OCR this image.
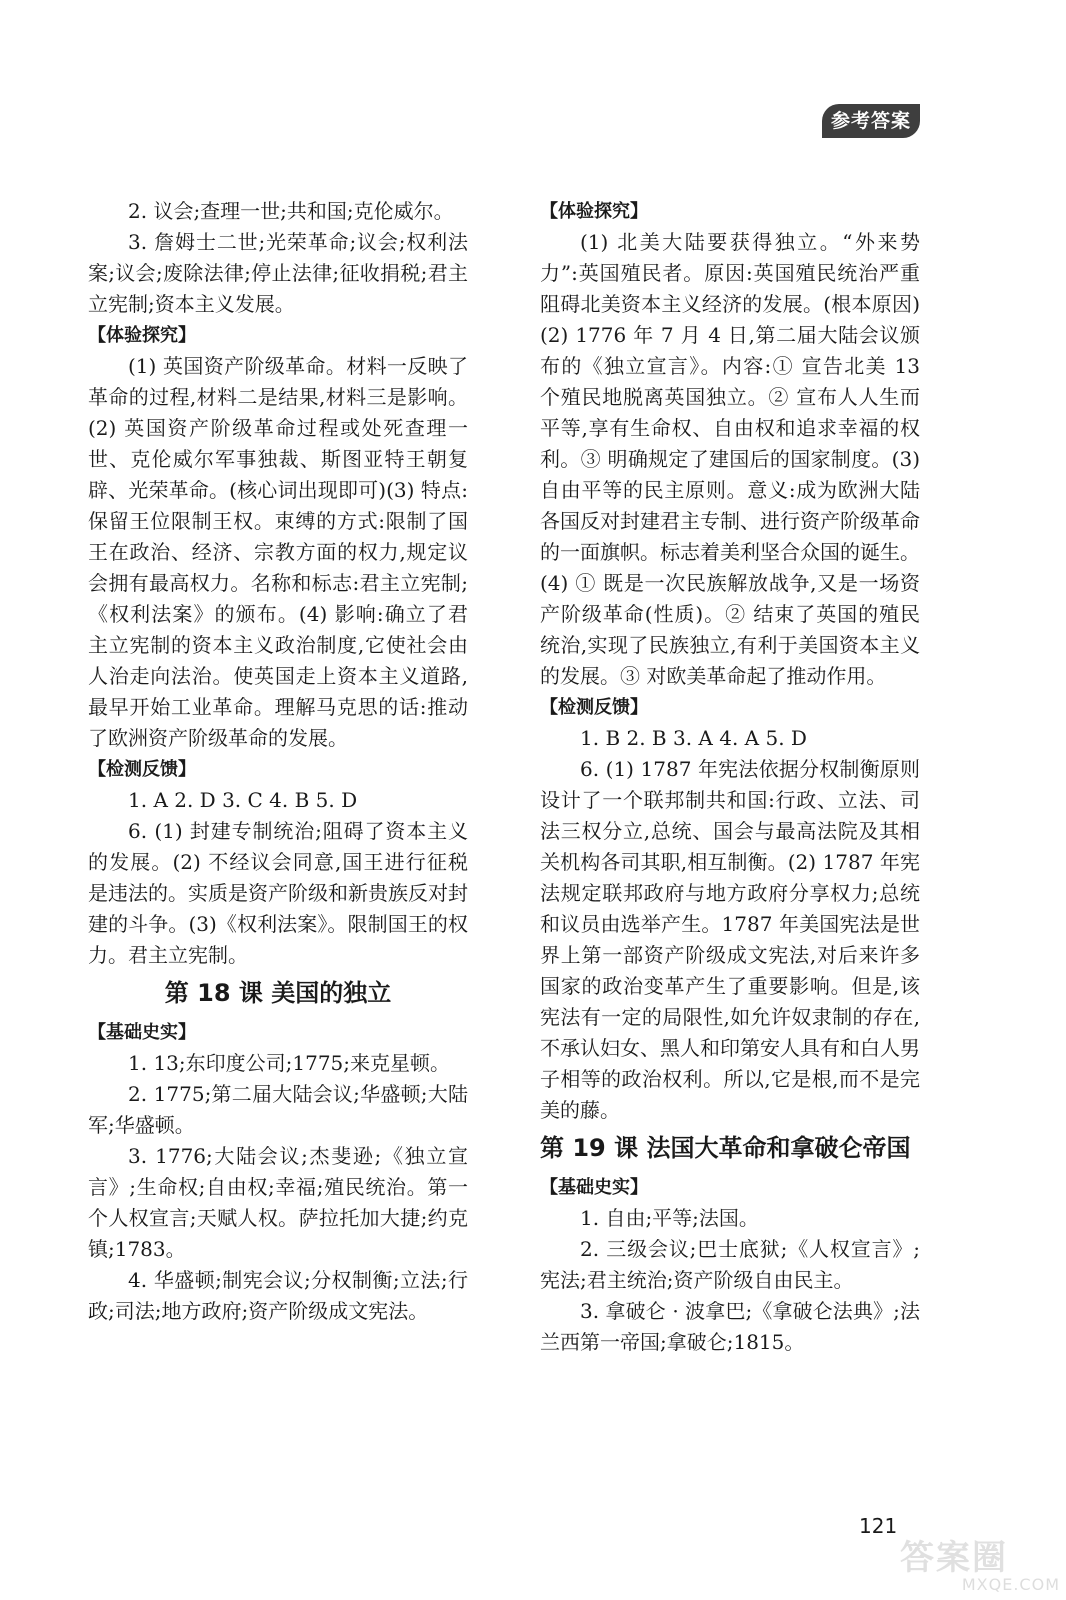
参考答案

2. 议会;查理一世;共和国;克伦威尔。

3. 詹姆士二世;光荣革命;议会;权利法案;议会;废除法律;停止法律;征收捐税;君主立宪制;资本主义发展。

【体验探究】

(1) 英国资产阶级革命。材料一反映了革命的过程,材料二是结果,材料三是影响。(2) 英国资产阶级革命过程或处死查理一世、克伦威尔军事独裁、斯图亚特王朝复辟、光荣革命。(核心词出现即可)(3) 特点:保留王位限制王权。束缚的方式:限制了国王在政治、经济、宗教方面的权力,规定议会拥有最高权力。名称和标志:君主立宪制;《权利法案》的颁布。(4) 影响:确立了君主立宪制的资本主义政治制度,它使社会由人治走向法治。使英国走上资本主义道路,最早开始工业革命。理解马克思的话:推动了欧洲资产阶级革命的发展。

【检测反馈】

1. A 2. D 3. C 4. B 5. D

6. (1) 封建专制统治;阻碍了资本主义的发展。(2) 不经议会同意,国王进行征税是违法的。实质是资产阶级和新贵族反对封建的斗争。(3)《权利法案》。限制国王的权力。君主立宪制。

第 18 课 美国的独立

【基础史实】

1. 13;东印度公司;1775;来克星顿。

2. 1775;第二届大陆会议;华盛顿;大陆军;华盛顿。

3. 1776;大陆会议;杰斐逊;《独立宣言》;生命权;自由权;幸福;殖民统治。第一个人权宣言;天赋人权。萨拉托加大捷;约克镇;1783。

4. 华盛顿;制宪会议;分权制衡;立法;行政;司法;地方政府;资产阶级成文宪法。

【体验探究】

(1) 北美大陆要获得独立。“外来势力”:英国殖民者。原因:英国殖民统治严重阻碍北美资本主义经济的发展。(根本原因)(2) 1776 年 7 月 4 日,第二届大陆会议颁布的《独立宣言》。内容:① 宣告北美 13 个殖民地脱离英国独立。② 宣布人人生而平等,享有生命权、自由权和追求幸福的权利。③ 明确规定了建国后的国家制度。(3) 自由平等的民主原则。意义:成为欧洲大陆各国反对封建君主专制、进行资产阶级革命的一面旗帜。标志着美利坚合众国的诞生。(4) ① 既是一次民族解放战争,又是一场资产阶级革命(性质)。② 结束了英国的殖民统治,实现了民族独立,有利于美国资本主义的发展。③ 对欧美革命起了推动作用。

【检测反馈】

1. B 2. B 3. A 4. A 5. D

6. (1) 1787 年宪法依据分权制衡原则设计了一个联邦制共和国:行政、立法、司法三权分立,总统、国会与最高法院及其相关机构各司其职,相互制衡。(2) 1787 年宪法规定联邦政府与地方政府分享权力;总统和议员由选举产生。1787 年美国宪法是世界上第一部资产阶级成文宪法,对后来许多国家的政治变革产生了重要影响。但是,该宪法有一定的局限性,如允许奴隶制的存在,不承认妇女、黑人和印第安人具有和白人男子相等的政治权利。所以,它是根,而不是完美的藤。

第 19 课 法国大革命和拿破仑帝国

【基础史实】

1. 自由;平等;法国。

2. 三级会议;巴士底狱;《人权宣言》;宪法;君主统治;资产阶级自由民主。

3. 拿破仑 · 波拿巴;《拿破仑法典》;法兰西第一帝国;拿破仑;1815。

121
答案圈
MXQE.COM
